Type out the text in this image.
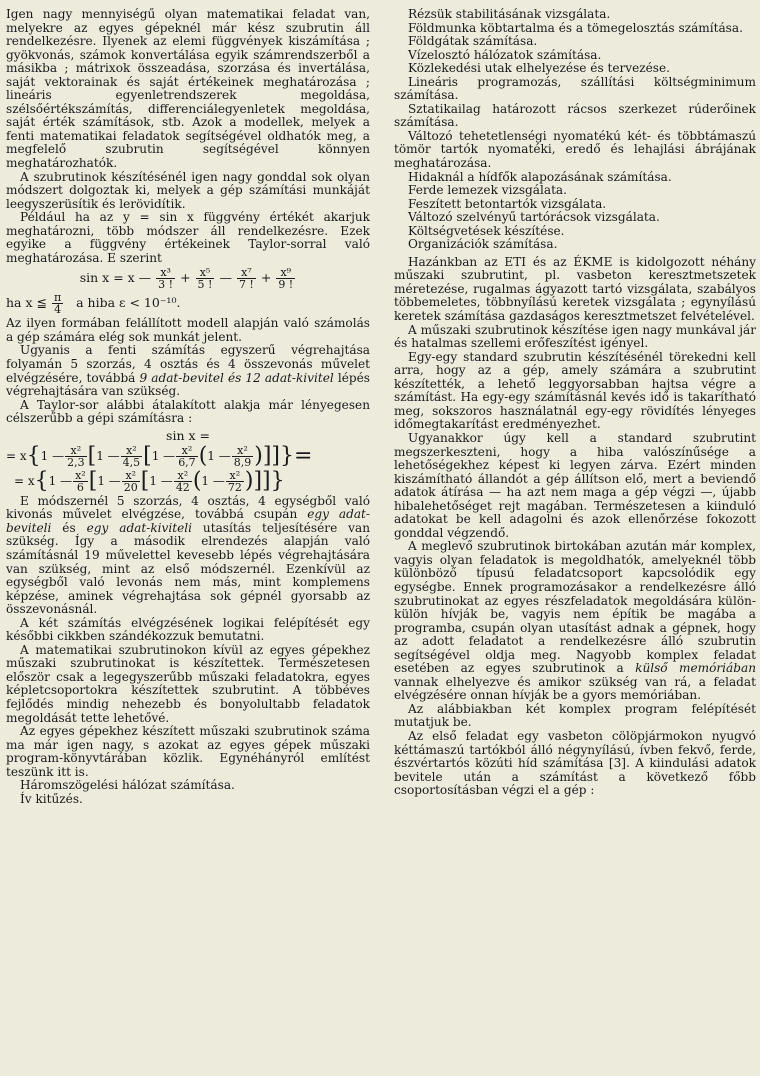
Igen nagy mennyiségű olyan matematikai feladat van, melyekre az egyes gépeknél már kész szubrutin áll rendelkezésre. Ilyenek az elemi függvények kiszámítása ; gyökvonás, számok konvertálása egyik számrendszerből a másikba ; mátrixok összeadása, szorzása és invertálása, saját vektorainak és saját értékeinek meghatározása ; lineáris egyenletrendszerek megoldása, szélsőértékszámítás, differenciálegyenletek megoldása, saját érték számítások, stb. Azok a modellek, melyek a fenti matematikai feladatok segítségével oldhatók meg, a megfelelő szubrutin segítségével könnyen meghatározhatók.

A szubrutinok készítésénél igen nagy gonddal sok olyan módszert dolgoztak ki, melyek a gép számítási munkáját leegyszerüsítik és lerövidítik.

Például ha az y = sin x függvény értékét akarjuk meghatározni, több módszer áll rendelkezésre. Ezek egyike a függvény értékeinek Taylor-sorral való meghatározása. E szerint

sin x = x — $\frac{\text{x³}}{3 !} + \frac{\text{x⁵}}{5 !}$ — $\frac{\text{x⁷}}{7 !} + \frac{\text{x⁹}}{9 !}$
ha x ≦ $\frac{\pi}{4}$ a hiba ε < 10⁻¹⁰.

Az ilyen formában felállított modell alapján való számolás a gép számára elég sok munkát jelent.

Ugyanis a fenti számítás egyszerű végrehajtása folyamán 5 szorzás, 4 osztás és 4 összevonás művelet elvégzésére, továbbá 9 adat-bevitel és 12 adat-kivitel lépés végrehajtására van szükség.

A Taylor-sor alábbi átalakított alakja már lényegesen célszerűbb a gépi számításra :

sin x =
= x{1 — $\frac{\text{x²}}{2,3} [1$ — $\frac{\text{x²}}{4,5} [1$ — $\frac{\text{x²}}{6,7} (1$ — $\frac{\text{x²}}{8,9}$ )]]}=
= x{1 — $\frac{\text{x²}}{6} [1$ — $\frac{\text{x²}}{20} [1$ — $\frac{\text{x²}}{42} (1$ — $\frac{\text{x²}}{72}$ )]]}

E módszernél 5 szorzás, 4 osztás, 4 egységből való kivonás művelet elvégzése, továbbá csupán egy adat-beviteli és egy adat-kiviteli utasítás teljesítésére van szükség. Így a második elrendezés alapján való számításnál 19 művelettel kevesebb lépés végrehajtására van szükség, mint az első módszernél. Ezenkívül az egységből való levonás nem más, mint komplemens képzése, aminek végrehajtása sok gépnél gyorsabb az összevonásnál.

A két számítás elvégzésének logikai felépítését egy későbbi cikkben szándékozzuk bemutatni.

A matematikai szubrutinokon kívül az egyes gépekhez műszaki szubrutinokat is készítettek. Természetesen először csak a legegyszerűbb műszaki feladatokra, egyes képletcsoportokra készítettek szubrutint. A többéves fejlődés mindig nehezebb és bonyolultabb feladatok megoldását tette lehetővé.

Az egyes gépekhez készített műszaki szubrutinok száma ma már igen nagy, s azokat az egyes gépek műszaki program-könyvtárában közlik. Egynéhányról említést teszünk itt is.

Háromszögelési hálózat számítása.

Ív kitűzés.

Rézsük stabilitásának vizsgálata.

Földmunka köbtartalma és a tömegelosztás számítása.

Földgátak számítása.

Vízelosztó hálózatok számítása.

Közlekedési utak elhelyezése és tervezése.

Lineáris programozás, szállítási költségminimum számítása.

Sztatikailag határozott rácsos szerkezet rúderőinek számítása.

Változó tehetetlenségi nyomatékú két- és többtámaszú tömör tartók nyomatéki, eredő és lehajlási ábrájának meghatározása.

Hidaknál a hídfők alapozásának számítása.

Ferde lemezek vizsgálata.

Feszített betontartók vizsgálata.

Változó szelvényű tartórácsok vizsgálata.

Költségvetések készítése.

Organizációk számítása.

Hazánkban az ETI és az ÉKME is kidolgozott néhány műszaki szubrutint, pl. vasbeton keresztmetszetek méretezése, rugalmas ágyazott tartó vizsgálata, szabályos többemeletes, többnyílású keretek vizsgálata ; egynyílású keretek számítása gazdaságos keresztmetszet felvételével.

A műszaki szubrutinok készítése igen nagy munkával jár és hatalmas szellemi erőfeszítést igényel.

Egy-egy standard szubrutin készítésénél törekedni kell arra, hogy az a gép, amely számára a szubrutint készítették, a lehető leggyorsabban hajtsa végre a számítást. Ha egy-egy számításnál kevés idő is takarítható meg, sokszoros használatnál egy-egy rövidítés lényeges időmegtakarítást eredményezhet.

Ugyanakkor úgy kell a standard szubrutint megszerkeszteni, hogy a hiba valószínűsége a lehetőségekhez képest ki legyen zárva. Ezért minden kiszámítható állandót a gép állítson elő, mert a beviendő adatok átírása — ha azt nem maga a gép végzi —, újabb hibalehetőséget rejt magában. Természetesen a kiinduló adatokat be kell adagolni és azok ellenőrzése fokozott gonddal végzendő.

A meglevő szubrutinok birtokában azután már komplex, vagyis olyan feladatok is megoldhatók, amelyeknél több különböző típusú feladatcsoport kapcsolódik egy egységbe. Ennek programozásakor a rendelkezésre álló szubrutinokat az egyes részfeladatok megoldására külön-külön hívják be, vagyis nem építik be magába a programba, csupán olyan utasítást adnak a gépnek, hogy az adott feladatot a rendelkezésre álló szubrutin segítségével oldja meg. Nagyobb komplex feladat esetében az egyes szubrutinok a külső memóriában vannak elhelyezve és amikor szükség van rá, a feladat elvégzésére onnan hívják be a gyors memóriában.

Az alábbiakban két komplex program felépítését mutatjuk be.

Az első feladat egy vasbeton cölöpjármokon nyugvó kéttámaszú tartókból álló négynyílású, ívben fekvő, ferde, észvértartós közúti híd számítása [3]. A kiindulási adatok bevitele után a számítást a következő főbb csoportosításban végzi el a gép :
